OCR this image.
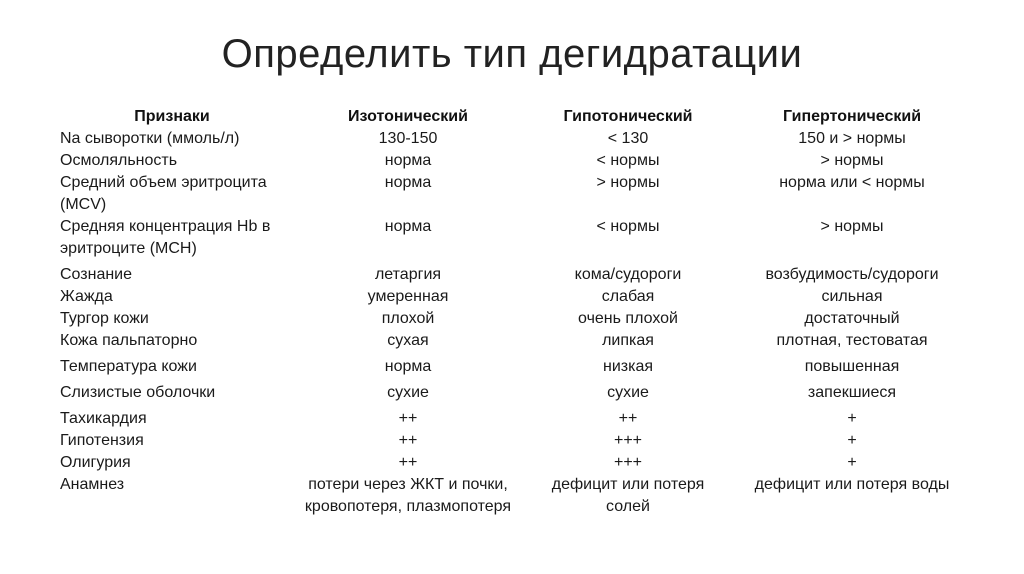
Определить тип дегидратации
Признаки	Изотонический	Гипотонический	Гипертонический
Na сыворотки (ммоль/л)	130-150	< 130	150 и > нормы
Осмоляльность	норма	< нормы	> нормы
Средний объем эритроцита (MCV)	норма	> нормы	норма или < нормы
Средняя концентрация Hb в эритроците (MCH)	норма	< нормы	> нормы
Сознание	летаргия	кома/судороги	возбудимость/судороги
Жажда	умеренная	слабая	сильная
Тургор кожи	плохой	очень плохой	достаточный
Кожа пальпаторно	сухая	липкая	плотная, тестоватая
Температура кожи	норма	низкая	повышенная
Слизистые оболочки	сухие	сухие	запекшиеся
Тахикардия	++	++	+
Гипотензия	++	+++	+
Олигурия	++	+++	+
Анамнез	потери через ЖКТ и почки, кровопотеря, плазмопотеря	дефицит или потеря солей	дефицит или потеря воды
